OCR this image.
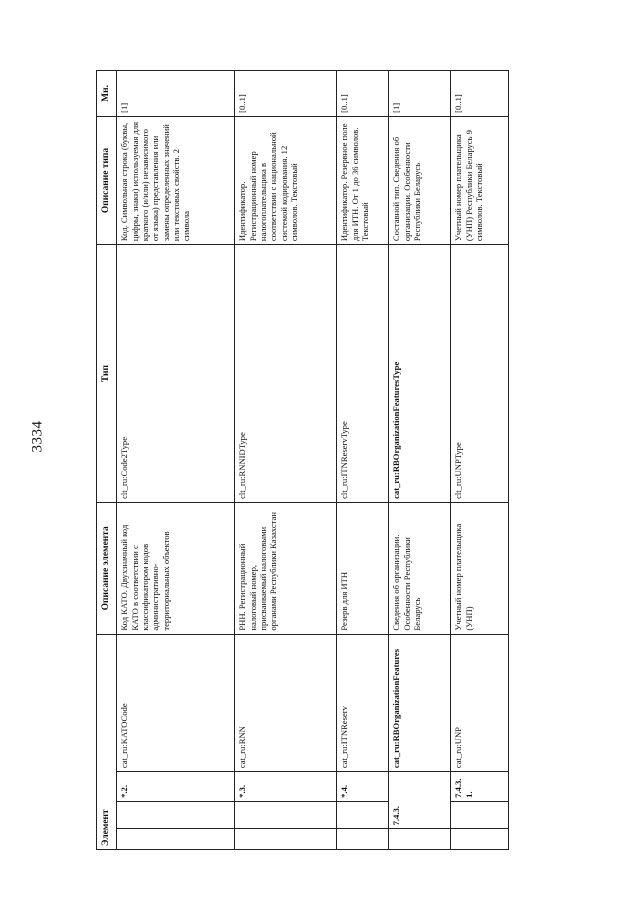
3334
Элемент				Описание элемента	Тип	Описание типа	Мн.
		*.2.	cat_ru:KATOCode	Код КАТО. Двухзначный код КАТО в соответствии с классификатором кодов административно-территориальных объектов	clt_ru:Code2Type	Код. Символьная строка (буквы, цифры, знаки) используемая для краткого (и/или) независимого от языка) представления или замены определенных значений или текстовых свойств. 2 символа	[1]
		*.3.	cat_ru:RNN	РНН. Регистрационный налоговый номер, присваиваемый налоговыми органами Республики Казахстан	clt_ru:RNNIDType	Идентификатор. Регистрационный номер налогоплательщика в соответствии с национальной системой кодирования. 12 символов. Текстовый	[0..1]
		*.4.	cat_ru:ITNReserv	Резерв для ИТН	clt_ru:ITNReservType	Идентификатор. Резервное поле для ИТН. От 1 до 36 символов. Текстовый	[0..1]
	7.4.3.		cat_ru:RBOrganizationFeatures	Сведения об организации. Особенности Республики Беларусь	cat_ru:RBOrganizationFeaturesType	Составной тип. Сведения об организации. Особенности Республики Беларусь	[1]
		7.4.3.1.	cat_ru:UNP	Учетный номер плательщика (УНП)	clt_ru:UNPType	Учетный номер плательщика (УНП) Республики Беларусь 9 символов. Текстовый	[0..1]
